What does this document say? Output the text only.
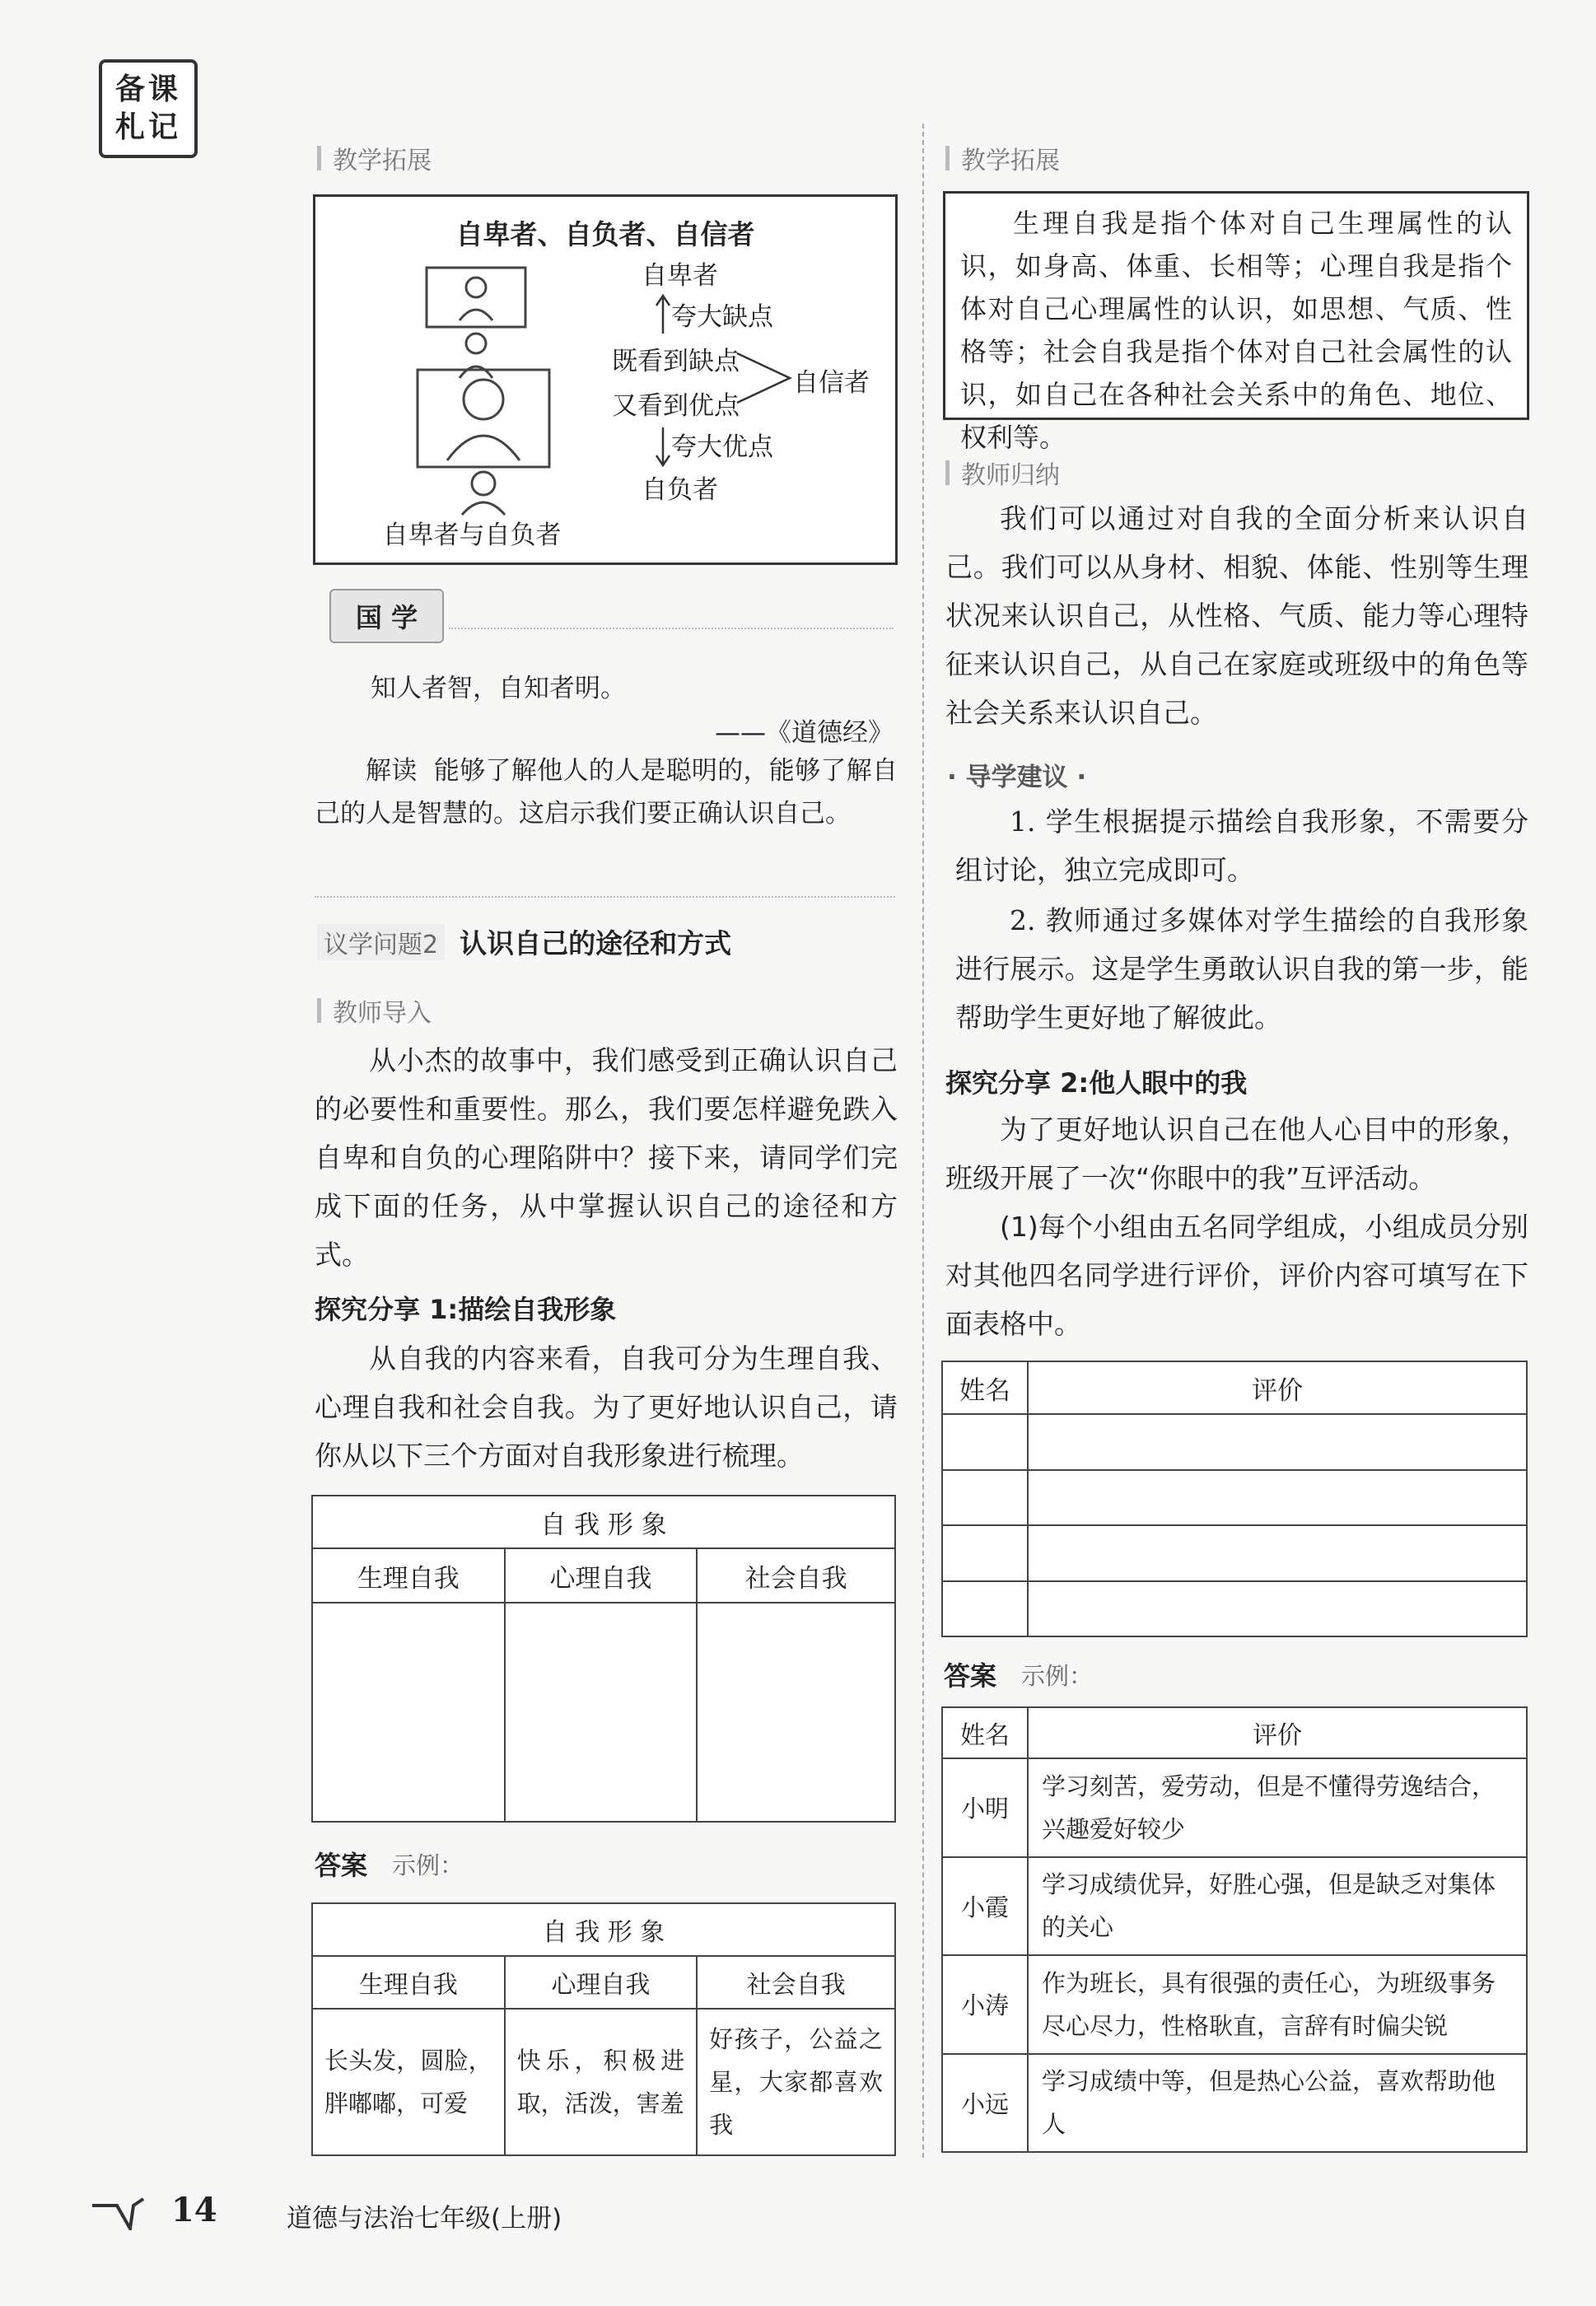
备课
札记
教学拓展
自卑者、自负者、自信者
自卑者
夸大缺点
既看到缺点
又看到优点
自信者
夸大优点
自负者
自卑者与自负者
国 学
知人者智，自知者明。
——《道德经》
解读 能够了解他人的人是聪明的，能够了解自己的人是智慧的。这启示我们要正确认识自己。
议学问题2 认识自己的途径和方式
教师导入

从小杰的故事中，我们感受到正确认识自己的必要性和重要性。那么，我们要怎样避免跌入自卑和自负的心理陷阱中？接下来，请同学们完成下面的任务，从中掌握认识自己的途径和方式。

探究分享 1:描绘自我形象

从自我的内容来看，自我可分为生理自我、心理自我和社会自我。为了更好地认识自己，请你从以下三个方面对自我形象进行梳理。

自 我 形 象		
生理自我	心理自我	社会自我

答案 示例：
自 我 形 象		
生理自我	心理自我	社会自我
长头发，圆脸，胖嘟嘟，可爱	快乐，积极进取，活泼，害羞	好孩子，公益之星，大家都喜欢我
教学拓展

生理自我是指个体对自己生理属性的认识，如身高、体重、长相等；心理自我是指个体对自己心理属性的认识，如思想、气质、性格等；社会自我是指个体对自己社会属性的认识，如自己在各种社会关系中的角色、地位、权利等。

教师归纳

我们可以通过对自我的全面分析来认识自己。我们可以从身材、相貌、体能、性别等生理状况来认识自己，从性格、气质、能力等心理特征来认识自己，从自己在家庭或班级中的角色等社会关系来认识自己。

· 导学建议 ·

1. 学生根据提示描绘自我形象，不需要分组讨论，独立完成即可。

2. 教师通过多媒体对学生描绘的自我形象进行展示。这是学生勇敢认识自我的第一步，能帮助学生更好地了解彼此。

探究分享 2:他人眼中的我

为了更好地认识自己在他人心目中的形象，班级开展了一次“你眼中的我”互评活动。

(1)每个小组由五名同学组成，小组成员分别对其他四名同学进行评价，评价内容可填写在下面表格中。

姓名	评价

答案 示例：
姓名	评价
小明	学习刻苦，爱劳动，但是不懂得劳逸结合，兴趣爱好较少
小霞	学习成绩优异，好胜心强，但是缺乏对集体的关心
小涛	作为班长，具有很强的责任心，为班级事务尽心尽力，性格耿直，言辞有时偏尖锐
小远	学习成绩中等，但是热心公益，喜欢帮助他人
14	道德与法治七年级(上册)
